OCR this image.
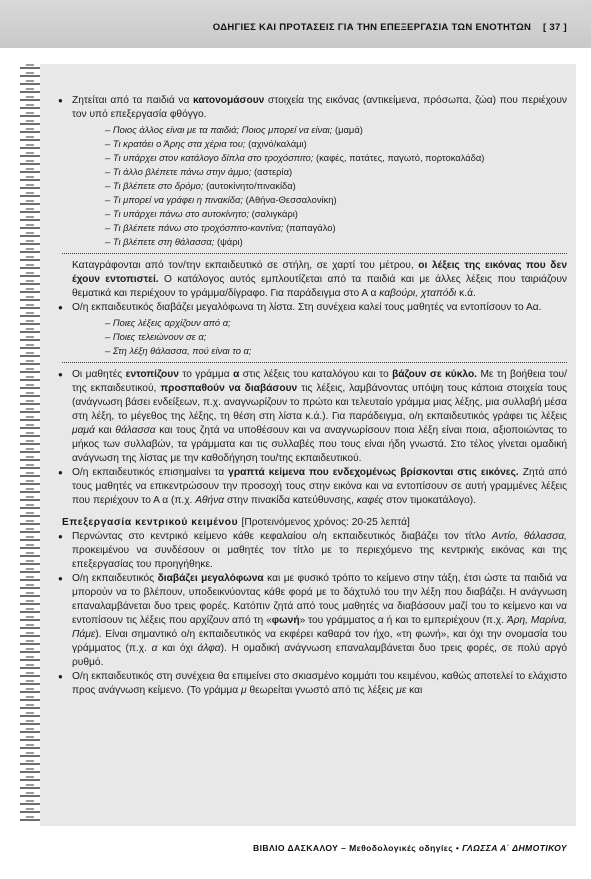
ΟΔΗΓΙΕΣ ΚΑΙ ΠΡΟΤΑΣΕΙΣ ΓΙΑ ΤΗΝ ΕΠΕΞΕΡΓΑΣΙΑ ΤΩΝ ΕΝΟΤΗΤΩΝ [ 37 ]

● Ζητείται από τα παιδιά να κατονομάσουν στοιχεία της εικόνας (αντικείμενα, πρόσωπα, ζώα) που περιέχουν τον υπό επεξεργασία φθόγγο.

– Ποιος άλλος είναι με τα παιδιά; Ποιος μπορεί να είναι; (μαμά)

– Τι κρατάει ο Άρης στα χέρια του; (αχινό/καλάμι)

– Τι υπάρχει στον κατάλογο δίπλα στο τροχόσπιτο; (καφές, πατάτες, παγωτό, πορτοκαλάδα)

– Τι άλλο βλέπετε πάνω στην άμμο; (αστερία)

– Τι βλέπετε στο δρόμο; (αυτοκίνητο/πινακίδα)

– Τι μπορεί να γράφει η πινακίδα; (Αθήνα-Θεσσαλονίκη)

– Τι υπάρχει πάνω στο αυτοκίνητο; (σαλιγκάρι)

– Τι βλέπετε πάνω στο τροχόσπιτο-καντίνα; (παπαγάλο)

– Τι βλέπετε στη θάλασσα; (ψάρι)

Καταγράφονται από τον/την εκπαιδευτικό σε στήλη, σε χαρτί του μέτρου, οι λέξεις της εικόνας που δεν έχουν εντοπιστεί. Ο κατάλογος αυτός εμπλουτίζεται από τα παιδιά και με άλλες λέξεις που ταιριάζουν θεματικά και περιέχουν το γράμμα/δίγραφο. Για παράδειγμα στο Α α καβούρι, χταπόδι κ.ά.

● Ο/η εκπαιδευτικός διαβάζει μεγαλόφωνα τη λίστα. Στη συνέχεια καλεί τους μαθητές να εντοπίσουν το Αα.

– Ποιες λέξεις αρχίζουν από α;

– Ποιες τελειώνουν σε α;

– Στη λέξη θάλασσα, πού είναι το α;

● Οι μαθητές εντοπίζουν το γράμμα α στις λέξεις του καταλόγου και το βάζουν σε κύκλο. Με τη βοήθεια του/της εκπαιδευτικού, προσπαθούν να διαβάσουν τις λέξεις, λαμβάνοντας υπόψη τους κάποια στοιχεία τους (ανάγνωση βάσει ενδείξεων, π.χ. αναγνωρίζουν το πρώτο και τελευταίο γράμμα μιας λέξης, μια συλλαβή μέσα στη λέξη, το μέγεθος της λέξης, τη θέση στη λίστα κ.ά.). Για παράδειγμα, ο/η εκπαιδευτικός γράφει τις λέξεις μαμά και θάλασσα και τους ζητά να υποθέσουν και να αναγνωρίσουν ποια λέξη είναι ποια, αξιοποιώντας το μήκος των συλλαβών, τα γράμματα και τις συλλαβές που τους είναι ήδη γνωστά. Στο τέλος γίνεται ομαδική ανάγνωση της λίστας με την καθοδήγηση του/της εκπαιδευτικού.

● Ο/η εκπαιδευτικός επισημαίνει τα γραπτά κείμενα που ενδεχομένως βρίσκονται στις εικόνες. Ζητά από τους μαθητές να επικεντρώσουν την προσοχή τους στην εικόνα και να εντοπίσουν σε αυτή γραμμένες λέξεις που περιέχουν το Α α (π.χ. Αθήνα στην πινακίδα κατεύθυνσης, καφές στον τιμοκατάλογο).

Επεξεργασία κεντρικού κειμένου [Προτεινόμενος χρόνος: 20-25 λεπτά]

● Περνώντας στο κεντρικό κείμενο κάθε κεφαλαίου ο/η εκπαιδευτικός διαβάζει τον τίτλο Αντίο, θάλασσα, προκειμένου να συνδέσουν οι μαθητές τον τίτλο με το περιεχόμενο της κεντρικής εικόνας και της επεξεργασίας του προηγήθηκε.

● Ο/η εκπαιδευτικός διαβάζει μεγαλόφωνα και με φυσικό τρόπο το κείμενο στην τάξη, έτσι ώστε τα παιδιά να μπορούν να το βλέπουν, υποδεικνύοντας κάθε φορά με το δάχτυλό του την λέξη που διαβάζει. Η ανάγνωση επαναλαμβάνεται δυο τρεις φορές. Κατόπιν ζητά από τους μαθητές να διαβάσουν μαζί του το κείμενο και να εντοπίσουν τις λέξεις που αρχίζουν από τη «φωνή» του γράμματος α ή και το εμπεριέχουν (π.χ. Άρη, Μαρίνα, Πάμε). Είναι σημαντικό ο/η εκπαιδευτικός να εκφέρει καθαρά τον ήχο, «τη φωνή», και όχι την ονομασία του γράμματος (π.χ. α και όχι άλφα). Η ομαδική ανάγνωση επαναλαμβάνεται δυο τρεις φορές, σε πολύ αργό ρυθμό.

● Ο/η εκπαιδευτικός στη συνέχεια θα επιμείνει στο σκιασμένο κομμάτι του κειμένου, καθώς αποτελεί το ελάχιστο προς ανάγνωση κείμενο. (Το γράμμα μ θεωρείται γνωστό από τις λέξεις με και

ΒΙΒΛΙΟ ΔΑΣΚΑΛΟΥ – Μεθοδολογικές οδηγίες • ΓΛΩΣΣΑ Α΄ ΔΗΜΟΤΙΚΟΥ
